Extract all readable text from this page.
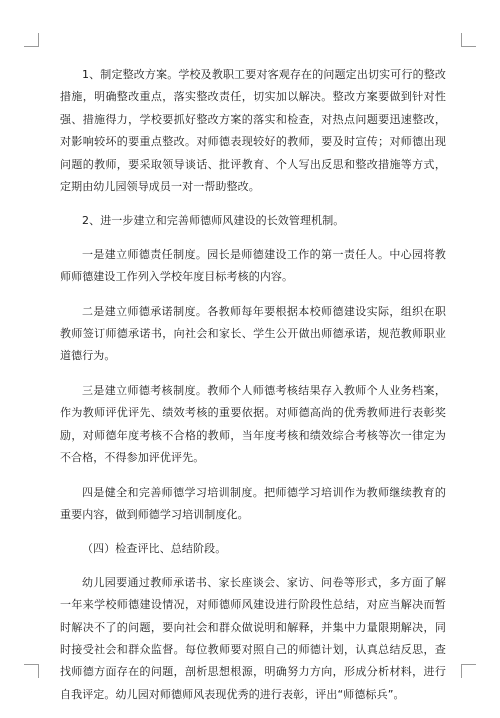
1、制定整改方案。学校及教职工要对客观存在的问题定出切实可行的整改措施，明确整改重点，落实整改责任，切实加以解决。整改方案要做到针对性强、措施得力，学校要抓好整改方案的落实和检查，对热点问题要迅速整改，对影响较坏的要重点整改。对师德表现较好的教师，要及时宣传；对师德出现问题的教师，要采取领导谈话、批评教育、个人写出反思和整改措施等方式，定期由幼儿园领导成员一对一帮助整改。

2、进一步建立和完善师德师风建设的长效管理机制。

一是建立师德责任制度。园长是师德建设工作的第一责任人。中心园将教师师德建设工作列入学校年度目标考核的内容。

二是建立师德承诺制度。各教师每年要根据本校师德建设实际，组织在职教师签订师德承诺书，向社会和家长、学生公开做出师德承诺，规范教师职业道德行为。

三是建立师德考核制度。教师个人师德考核结果存入教师个人业务档案，作为教师评优评先、绩效考核的重要依据。对师德高尚的优秀教师进行表彰奖励，对师德年度考核不合格的教师，当年度考核和绩效综合考核等次一律定为不合格，不得参加评优评先。

四是健全和完善师德学习培训制度。把师德学习培训作为教师继续教育的重要内容，做到师德学习培训制度化。

（四）检查评比、总结阶段。

幼儿园要通过教师承诺书、家长座谈会、家访、问卷等形式，多方面了解一年来学校师德建设情况，对师德师风建设进行阶段性总结，对应当解决而暂时解决不了的问题，要向社会和群众做说明和解释，并集中力量限期解决，同时接受社会和群众监督。每位教师要对照自己的师德计划，认真总结反思，查找师德方面存在的问题，剖析思想根源，明确努力方向，形成分析材料，进行自我评定。幼儿园对师德师风表现优秀的进行表彰，评出“师德标兵”。
